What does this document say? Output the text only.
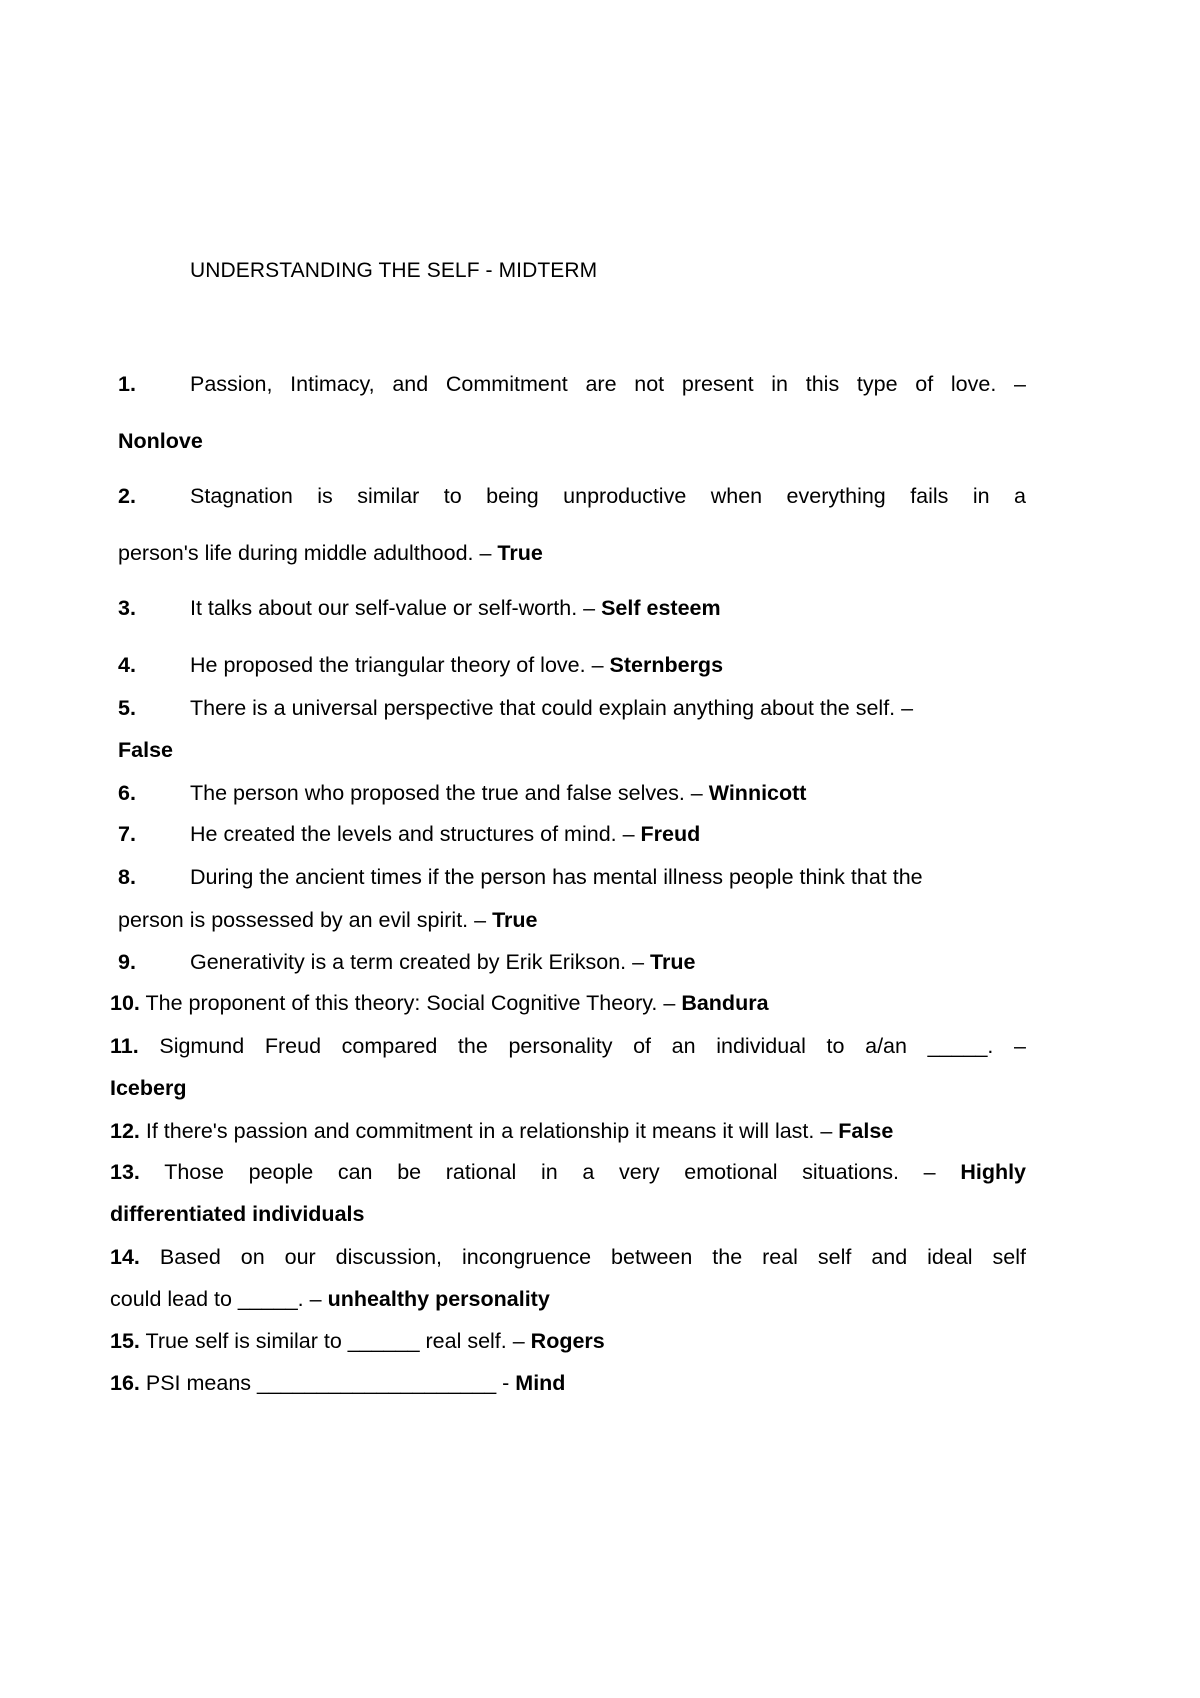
UNDERSTANDING THE SELF - MIDTERM
1.	Passion, Intimacy, and Commitment are not present in this type of love. –
Nonlove
2.	Stagnation is similar to being unproductive when everything fails in a
person's life during middle adulthood. – True
3.	It talks about our self-value or self-worth. – Self esteem
4.	He proposed the triangular theory of love. – Sternbergs
5.	There is a universal perspective that could explain anything about the self. –
False
6.	The person who proposed the true and false selves. – Winnicott
7.	He created the levels and structures of mind. – Freud
8.	During the ancient times if the person has mental illness people think that the
person is possessed by an evil spirit. – True
9.	Generativity is a term created by Erik Erikson. – True
10. The proponent of this theory: Social Cognitive Theory. – Bandura
11. Sigmund Freud compared the personality of an individual to a/an _____. –
Iceberg
12. If there's passion and commitment in a relationship it means it will last. – False
13. Those people can be rational in a very emotional situations. – Highly
differentiated individuals
14. Based on our discussion, incongruence between the real self and ideal self
could lead to _____. – unhealthy personality
15. True self is similar to ______ real self. – Rogers
16. PSI means ____________________ - Mind
